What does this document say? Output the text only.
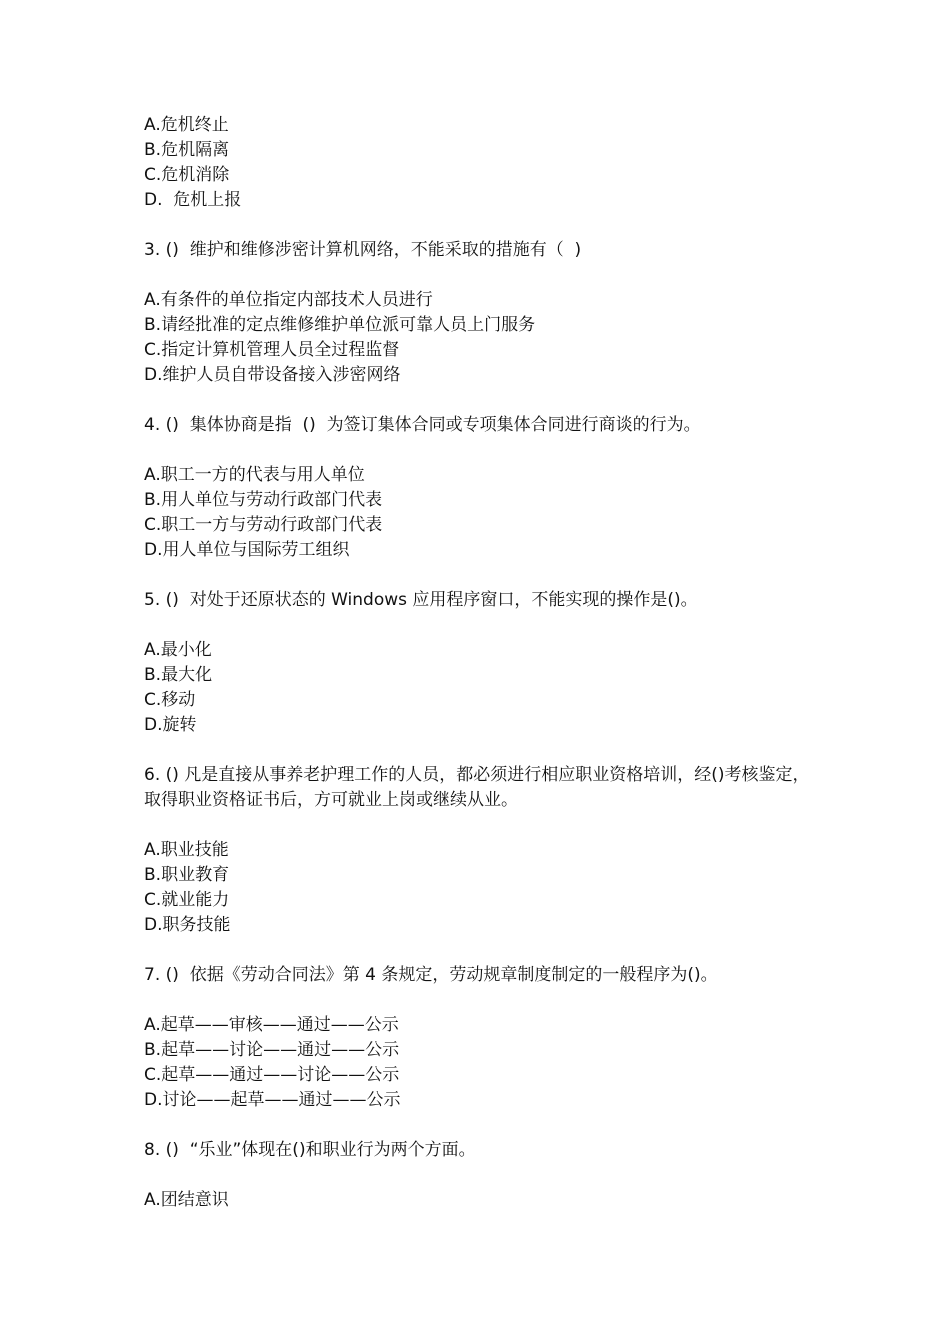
A.危机终止

B.危机隔离

C.危机消除

D.  危机上报

3. ()  维护和维修涉密计算机网络，不能采取的措施有（  )

A.有条件的单位指定内部技术人员进行

B.请经批准的定点维修维护单位派可靠人员上门服务

C.指定计算机管理人员全过程监督

D.维护人员自带设备接入涉密网络

4. ()  集体协商是指  ()  为签订集体合同或专项集体合同进行商谈的行为。

A.职工一方的代表与用人单位

B.用人单位与劳动行政部门代表

C.职工一方与劳动行政部门代表

D.用人单位与国际劳工组织

5. ()  对处于还原状态的 Windows 应用程序窗口，不能实现的操作是()。

A.最小化

B.最大化

C.移动

D.旋转

6. () 凡是直接从事养老护理工作的人员，都必须进行相应职业资格培训，经()考核鉴定，取得职业资格证书后，方可就业上岗或继续从业。

A.职业技能

B.职业教育

C.就业能力

D.职务技能

7. ()  依据《劳动合同法》第 4 条规定，劳动规章制度制定的一般程序为()。

A.起草——审核——通过——公示

B.起草——讨论——通过——公示

C.起草——通过——讨论——公示

D.讨论——起草——通过——公示

8. ()  “乐业”体现在()和职业行为两个方面。

A.团结意识
